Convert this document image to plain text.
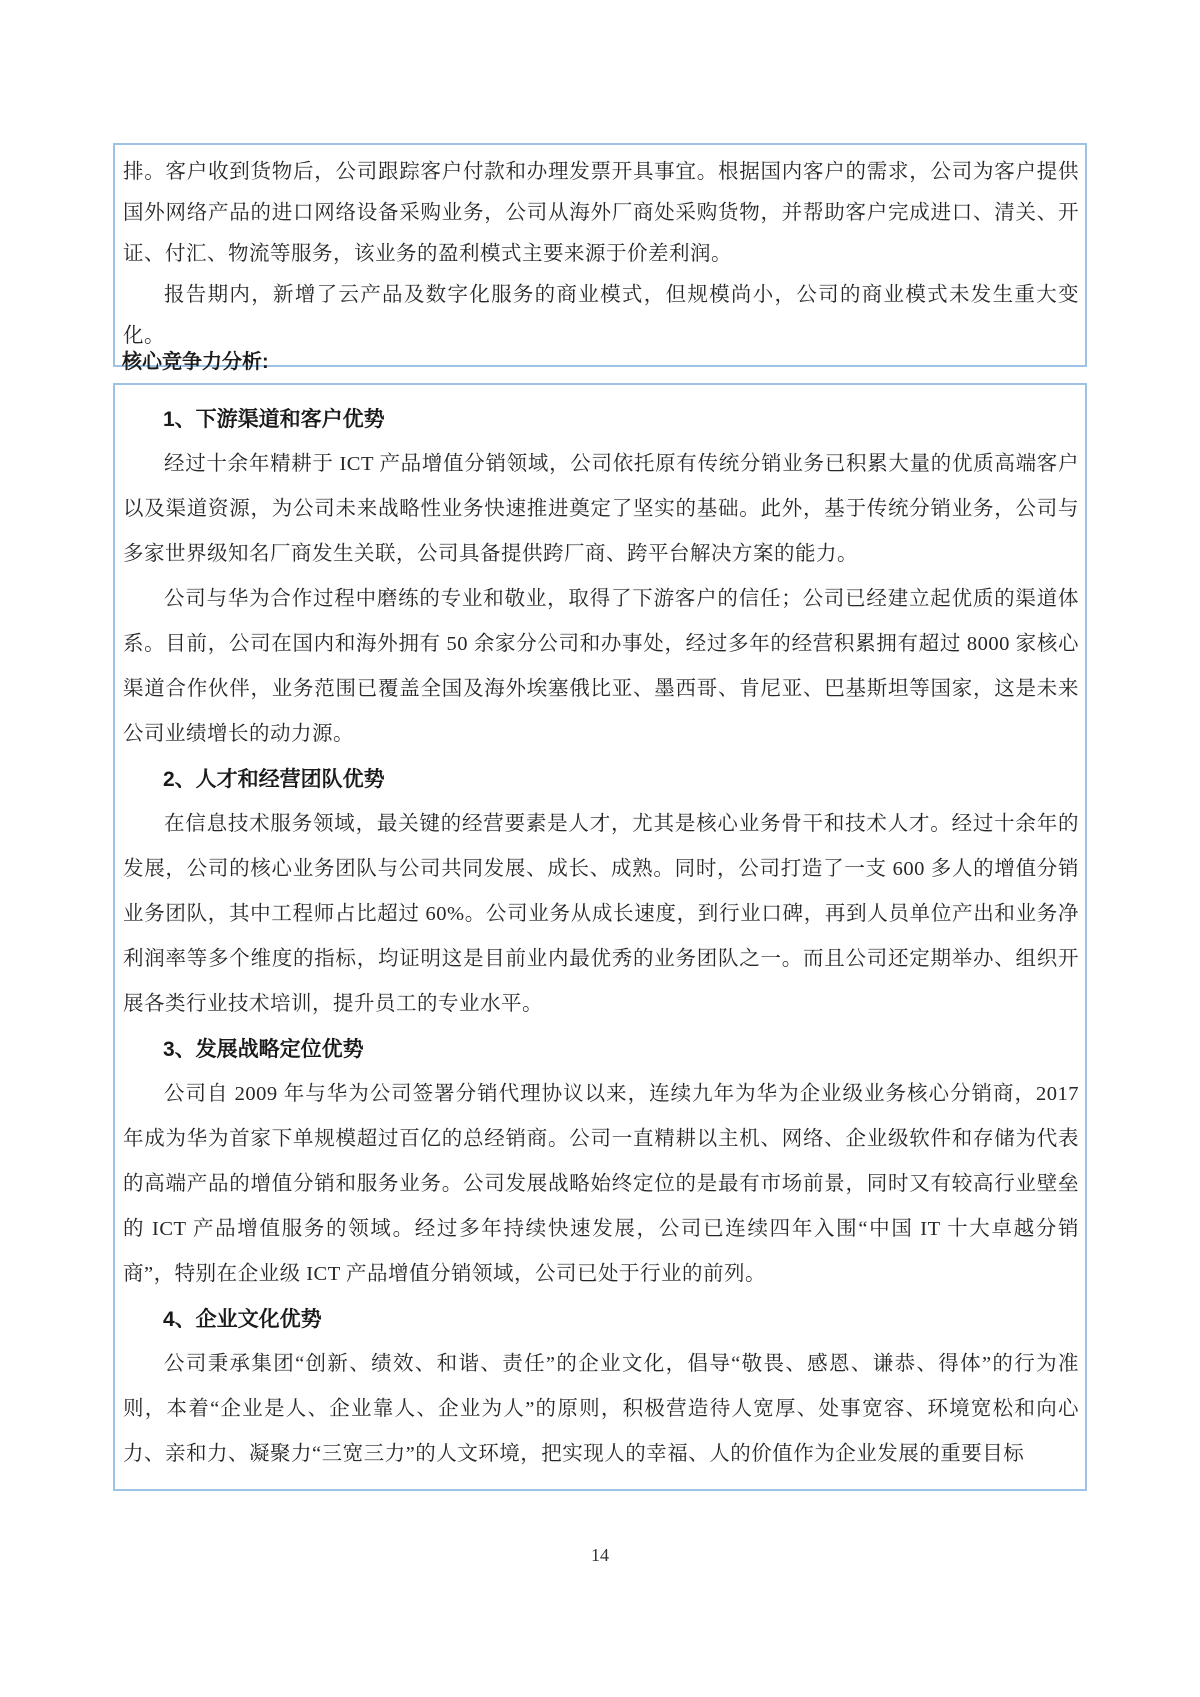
排。客户收到货物后，公司跟踪客户付款和办理发票开具事宜。根据国内客户的需求，公司为客户提供国外网络产品的进口网络设备采购业务，公司从海外厂商处采购货物，并帮助客户完成进口、清关、开证、付汇、物流等服务，该业务的盈利模式主要来源于价差利润。

报告期内，新增了云产品及数字化服务的商业模式，但规模尚小，公司的商业模式未发生重大变化。

核心竞争力分析:
1、下游渠道和客户优势

经过十余年精耕于 ICT 产品增值分销领域，公司依托原有传统分销业务已积累大量的优质高端客户以及渠道资源，为公司未来战略性业务快速推进奠定了坚实的基础。此外，基于传统分销业务，公司与多家世界级知名厂商发生关联，公司具备提供跨厂商、跨平台解决方案的能力。

公司与华为合作过程中磨练的专业和敬业，取得了下游客户的信任；公司已经建立起优质的渠道体系。目前，公司在国内和海外拥有 50 余家分公司和办事处，经过多年的经营积累拥有超过 8000 家核心渠道合作伙伴，业务范围已覆盖全国及海外埃塞俄比亚、墨西哥、肯尼亚、巴基斯坦等国家，这是未来公司业绩增长的动力源。

2、人才和经营团队优势

在信息技术服务领域，最关键的经营要素是人才，尤其是核心业务骨干和技术人才。经过十余年的发展，公司的核心业务团队与公司共同发展、成长、成熟。同时，公司打造了一支 600 多人的增值分销业务团队，其中工程师占比超过 60%。公司业务从成长速度，到行业口碑，再到人员单位产出和业务净利润率等多个维度的指标，均证明这是目前业内最优秀的业务团队之一。而且公司还定期举办、组织开展各类行业技术培训，提升员工的专业水平。

3、发展战略定位优势

公司自 2009 年与华为公司签署分销代理协议以来，连续九年为华为企业级业务核心分销商，2017 年成为华为首家下单规模超过百亿的总经销商。公司一直精耕以主机、网络、企业级软件和存储为代表的高端产品的增值分销和服务业务。公司发展战略始终定位的是最有市场前景，同时又有较高行业壁垒的 ICT 产品增值服务的领域。经过多年持续快速发展，公司已连续四年入围“中国 IT 十大卓越分销商”，特别在企业级 ICT 产品增值分销领域，公司已处于行业的前列。

4、企业文化优势

公司秉承集团“创新、绩效、和谐、责任”的企业文化，倡导“敬畏、感恩、谦恭、得体”的行为准则，本着“企业是人、企业靠人、企业为人”的原则，积极营造待人宽厚、处事宽容、环境宽松和向心力、亲和力、凝聚力“三宽三力”的人文环境，把实现人的幸福、人的价值作为企业发展的重要目标

14
